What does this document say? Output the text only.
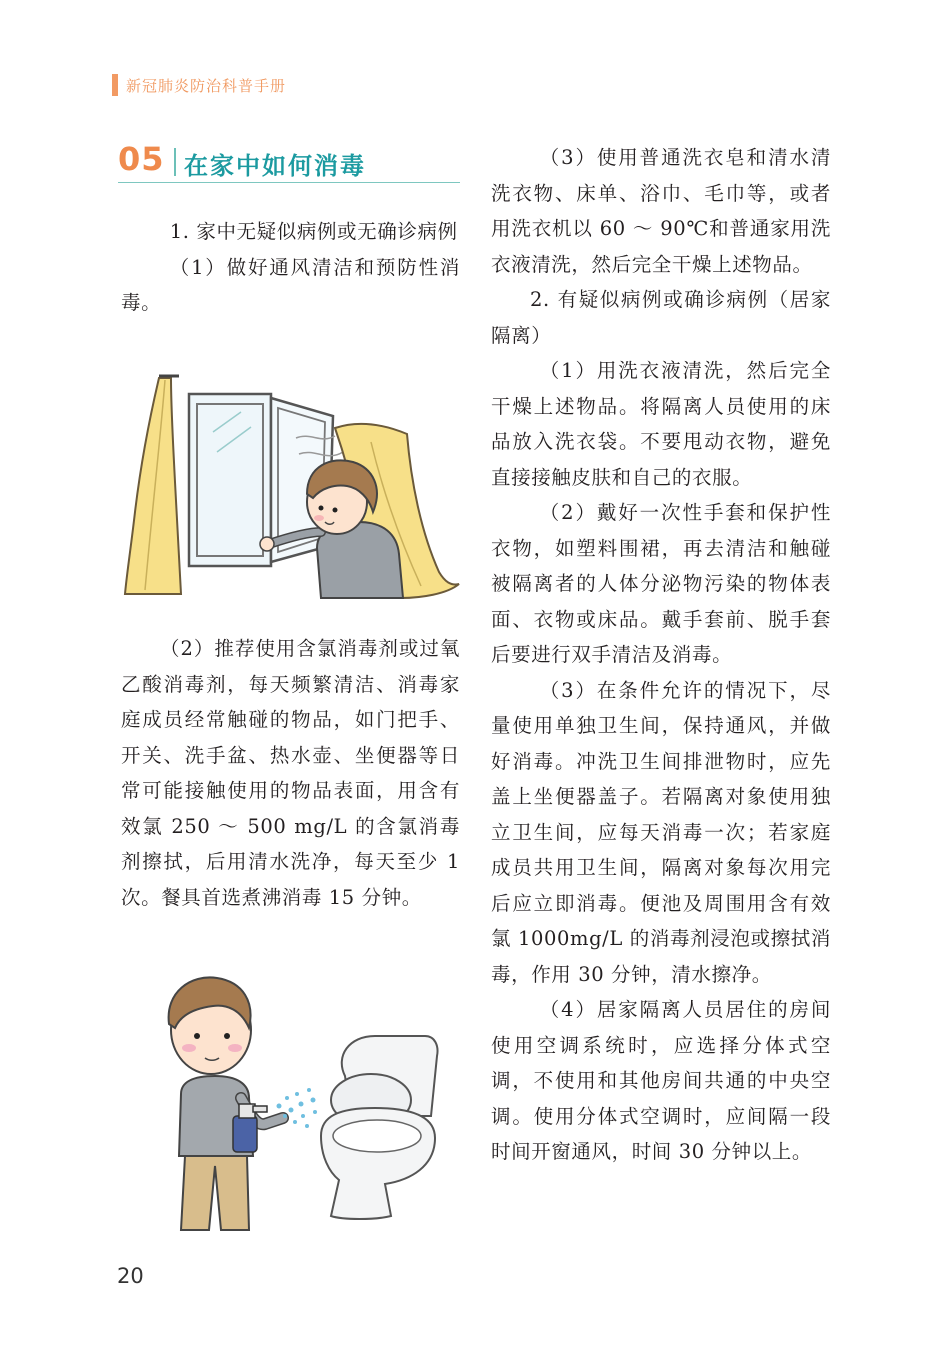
新冠肺炎防治科普手册
05 在家中如何消毒

1. 家中无疑似病例或无确诊病例

（1）做好通风清洁和预防性消毒。

（2）推荐使用含氯消毒剂或过氧乙酸消毒剂，每天频繁清洁、消毒家庭成员经常触碰的物品，如门把手、开关、洗手盆、热水壶、坐便器等日常可能接触使用的物品表面，用含有效氯 250 ～ 500 mg/L 的含氯消毒剂擦拭，后用清水洗净，每天至少 1 次。餐具首选煮沸消毒 15 分钟。

（3）使用普通洗衣皂和清水清洗衣物、床单、浴巾、毛巾等，或者用洗衣机以 60 ～ 90℃和普通家用洗衣液清洗，然后完全干燥上述物品。

2. 有疑似病例或确诊病例（居家隔离）

（1）用洗衣液清洗，然后完全干燥上述物品。将隔离人员使用的床品放入洗衣袋。不要甩动衣物，避免直接接触皮肤和自己的衣服。

（2）戴好一次性手套和保护性衣物，如塑料围裙，再去清洁和触碰被隔离者的人体分泌物污染的物体表面、衣物或床品。戴手套前、脱手套后要进行双手清洁及消毒。

（3）在条件允许的情况下，尽量使用单独卫生间，保持通风，并做好消毒。冲洗卫生间排泄物时，应先盖上坐便器盖子。若隔离对象使用独立卫生间，应每天消毒一次；若家庭成员共用卫生间，隔离对象每次用完后应立即消毒。便池及周围用含有效氯 1000mg/L 的消毒剂浸泡或擦拭消毒，作用 30 分钟，清水擦净。

（4）居家隔离人员居住的房间使用空调系统时，应选择分体式空调，不使用和其他房间共通的中央空调。使用分体式空调时，应间隔一段时间开窗通风，时间 30 分钟以上。

20
